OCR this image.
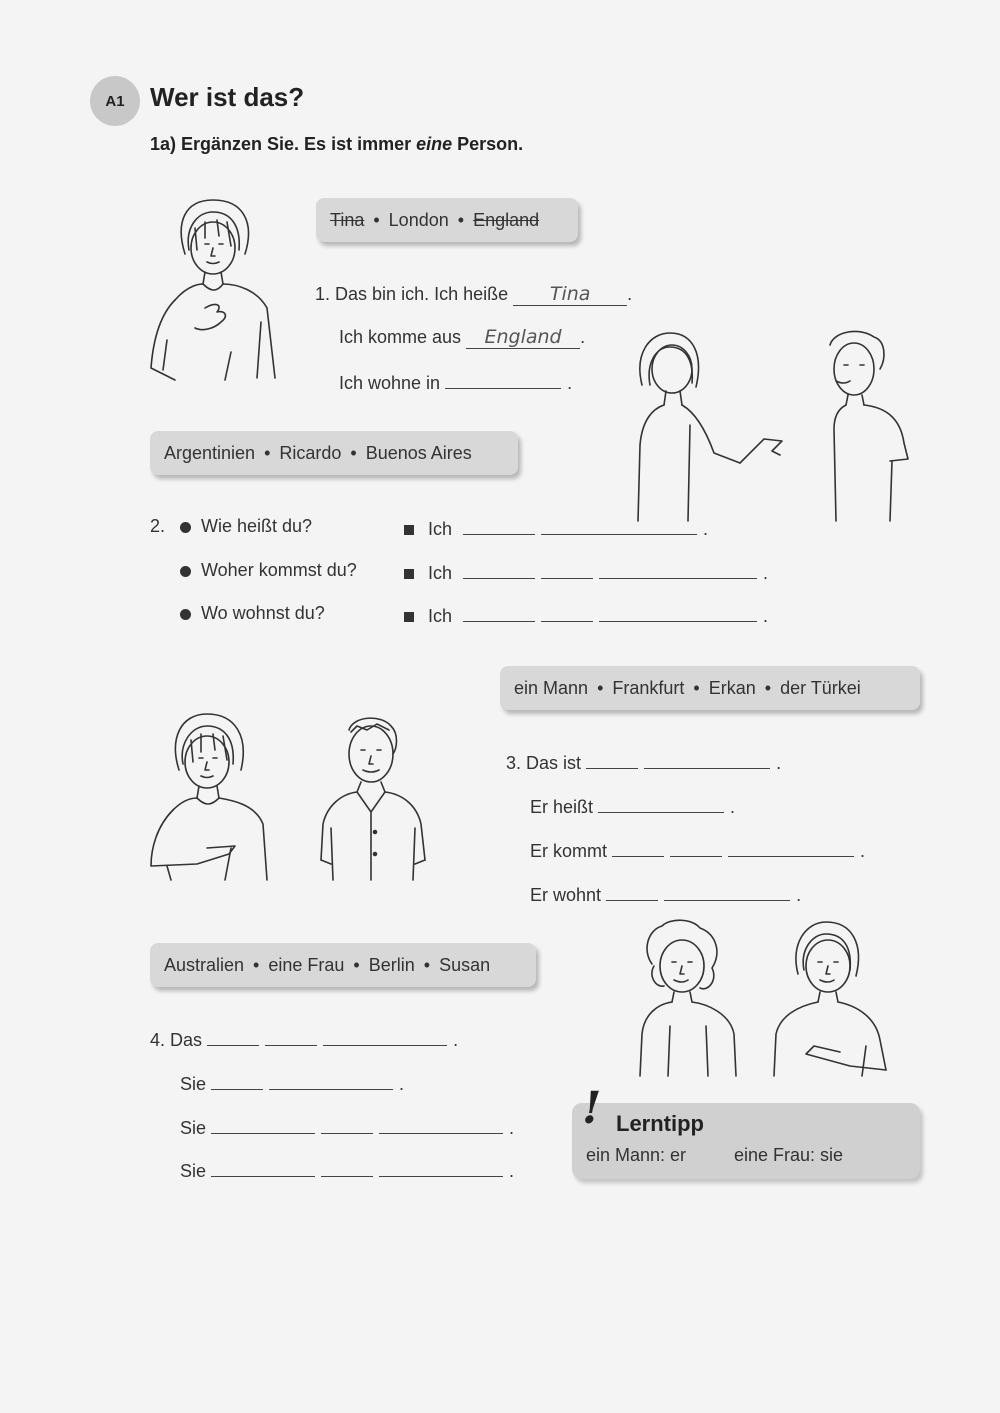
A1 Wer ist das?
1a) Ergänzen Sie. Es ist immer eine Person.
Tina • London • England
1. Das bin ich. Ich heiße Tina .
Ich komme aus England .
Ich wohne in	.
Argentinien • Ricardo • Buenos Aires
2.	Wie heißt du?	Ich	.
Woher kommst du?	Ich	.
Wo wohnst du?	Ich	.
ein Mann • Frankfurt • Erkan • der Türkei
3. Das ist	.
Er heißt	.
Er kommt	.
Er wohnt	.
Australien • eine Frau • Berlin • Susan
4. Das	.
Sie	.
Sie	.
Sie	.
! Lerntipp
ein Mann: er	eine Frau: sie
